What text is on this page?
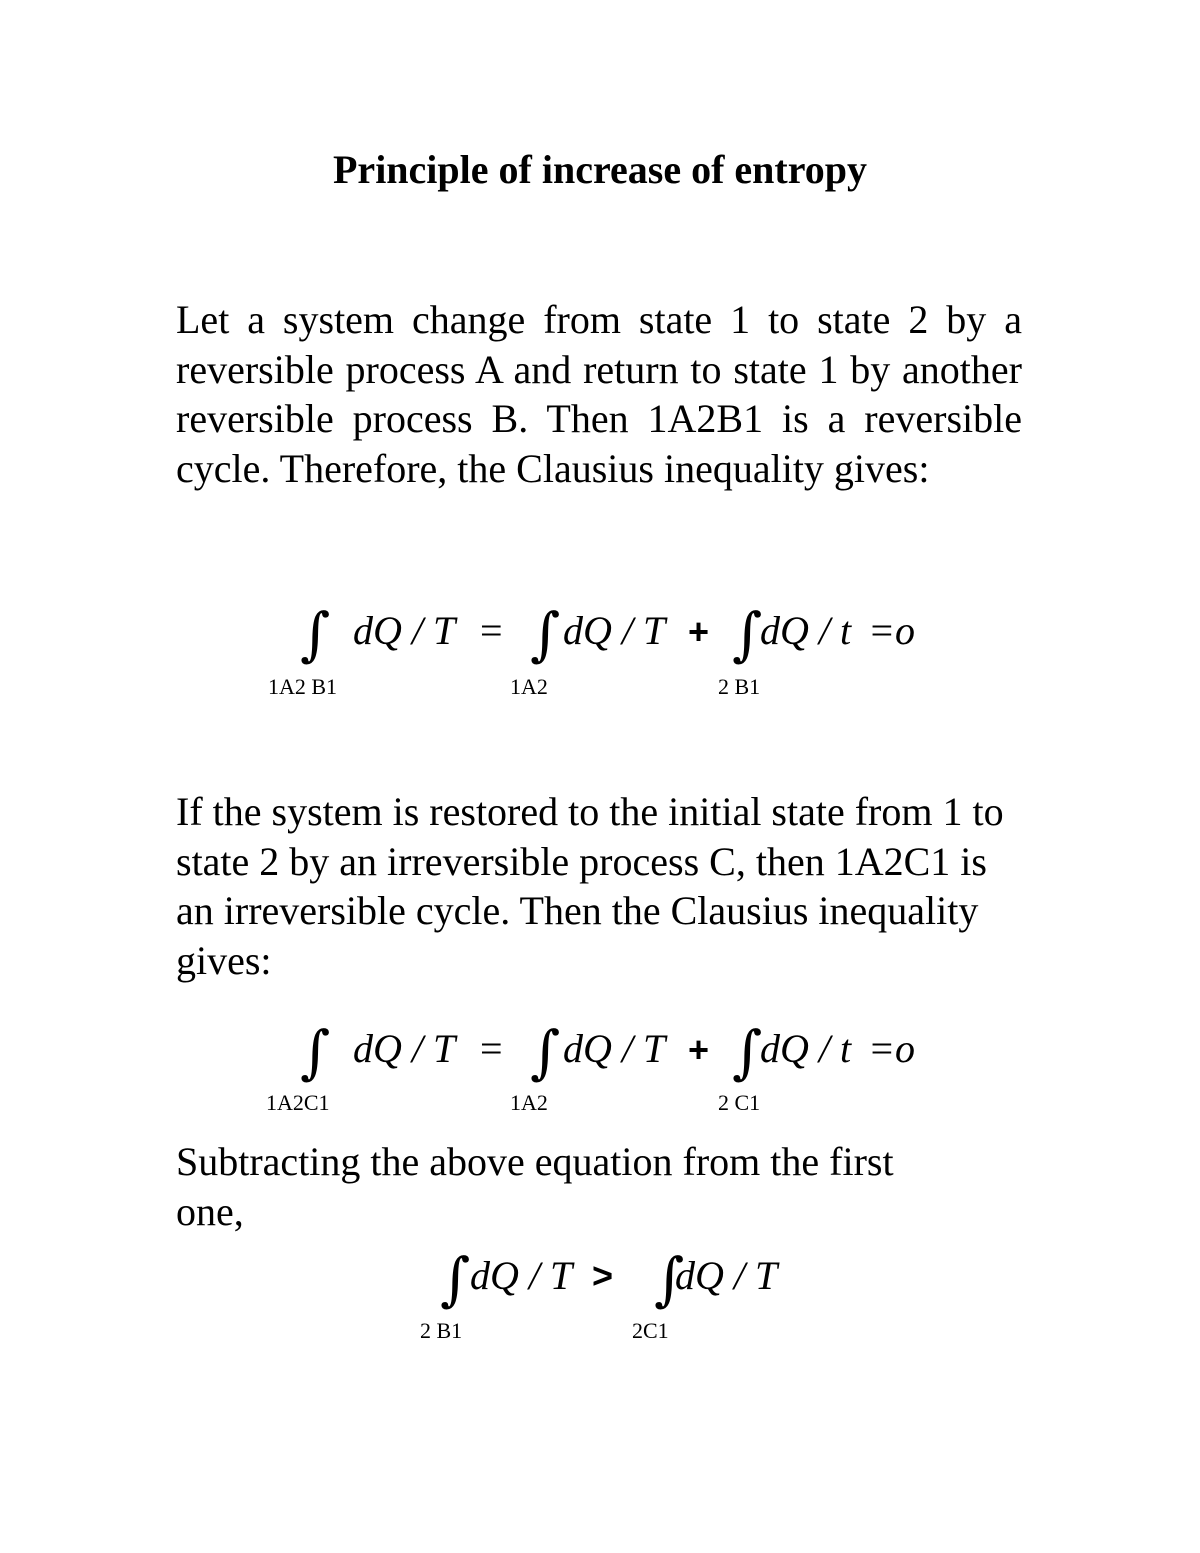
Principle of increase of entropy

Let a system change from state 1 to state 2 by a reversible process A and return to state 1 by another reversible process B. Then 1A2B1 is a reversible cycle. Therefore, the Clausius inequality gives:

∫ dQ / T = ∫ dQ / T + ∫
dQ / t =o
1A2 B1	1A2	2 B1

If the system is restored to the initial state from 1 to state 2 by an irreversible process C, then 1A2C1 is an irreversible cycle. Then the Clausius inequality gives:

∫ dQ / T = ∫ dQ / T + ∫
dQ / t =o
1A2C1	1A2	2 C1
Subtracting the above equation from the first
one,
∫ dQ / T > ∫
dQ / T
2 B1	2C1
